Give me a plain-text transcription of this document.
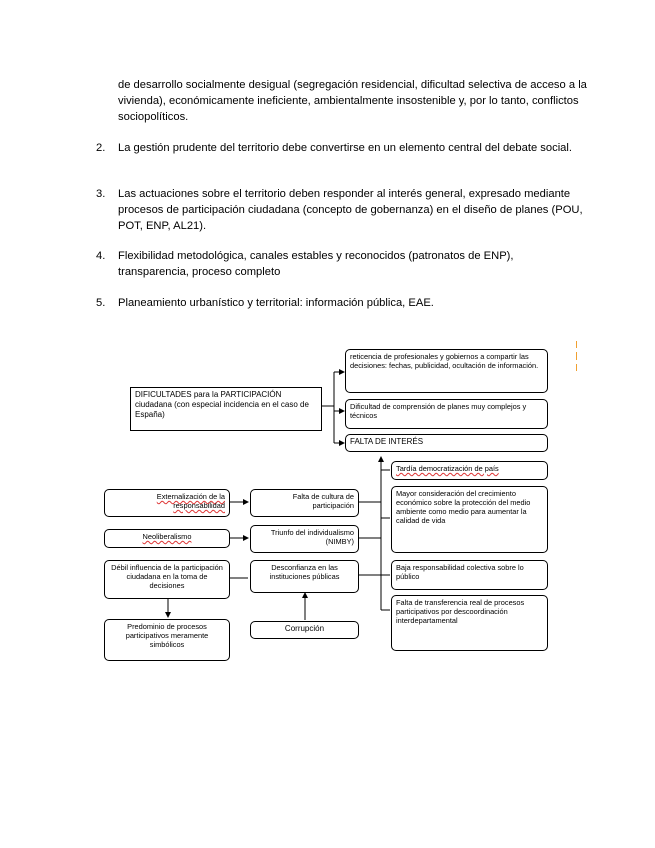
de desarrollo socialmente desigual (segregación residencial, dificultad selectiva de acceso a la vivienda), económicamente ineficiente, ambientalmente insostenible y, por lo tanto, conflictos sociopolíticos.

2. La gestión prudente del territorio debe convertirse en un elemento central del debate social.

3. Las actuaciones sobre el territorio deben responder al interés general, expresado mediante procesos de participación ciudadana (concepto de gobernanza) en el diseño de planes (POU, POT, ENP, AL21).

4. Flexibilidad metodológica, canales estables y reconocidos (patronatos de ENP), transparencia, proceso completo

5. Planeamiento urbanístico y territorial: información pública, EAE.

DIFICULTADES para la PARTICIPACIÓN ciudadana (con especial incidencia en el caso de España)
reticencia de profesionales y gobiernos a compartir las decisiones: fechas, publicidad, ocultación de información.
Dificultad de comprensión de planes muy complejos y técnicos
FALTA DE INTERÉS
Tardía democratización de país
Externalización de la responsabilidad
Falta de cultura de participación
Mayor consideración del crecimiento económico sobre la protección del medio ambiente como medio para aumentar la calidad de vida
Neoliberalismo	Triunfo del individualismo (NIMBY)
Débil influencia de la participación ciudadana en la toma de decisiones
Desconfianza en las instituciones públicas
Baja responsabilidad colectiva sobre lo público
Falta de transferencia real de procesos participativos por descoordinación interdepartamental
Predominio de procesos participativos meramente simbólicos
Corrupción
